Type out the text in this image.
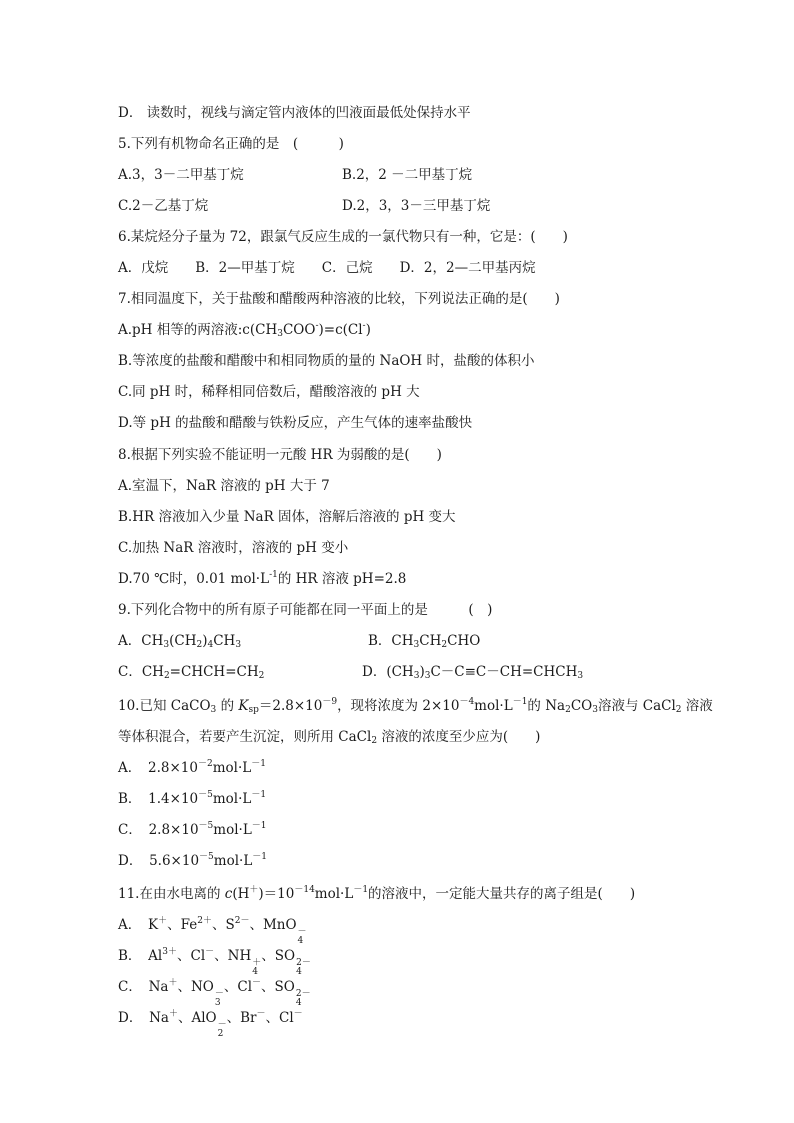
D． 读数时，视线与滴定管内液体的凹液面最低处保持水平
5.下列有机物命名正确的是　(　　　)
A.3，3－二甲基丁烷	B.2，2 －二甲基丁烷
C.2－乙基丁烷	D.2，3，3－三甲基丁烷
6.某烷烃分子量为 72，跟氯气反应生成的一氯代物只有一种，它是：(　　)
A．戊烷　　B．2—甲基丁烷　　C．己烷　　D．2，2—二甲基丙烷
7.相同温度下，关于盐酸和醋酸两种溶液的比较，下列说法正确的是(　　)
A.pH 相等的两溶液$:c(CH_3COO^-)=c(Cl^-)$
B.等浓度的盐酸和醋酸中和相同物质的量的 NaOH 时，盐酸的体积小
C.同 pH 时，稀释相同倍数后，醋酸溶液的 pH 大
D.等 pH 的盐酸和醋酸与铁粉反应，产生气体的速率盐酸快
8.根据下列实验不能证明一元酸 HR 为弱酸的是(　　)
A.室温下，NaR 溶液的 pH 大于 7
B.HR 溶液加入少量 NaR 固体，溶解后溶液的 pH 变大
C.加热 NaR 溶液时，溶液的 pH 变小
D.70 ℃时，0.01 $mol\cdot L^{-1}$的 HR 溶液 pH=2.8
9.下列化合物中的所有原子可能都在同一平面上的是　　　(　)
A．$CH_3(CH_2)_4CH_3$	B．$CH_3CH_2CHO$
C．$CH_2=CHCH=CH_2$	D．$(CH_3)_3C-C\equiv C-CH=CHCH_3$
10.已知 CaCO$_3$ 的 $K_{sp}=2.8\times 10^{-9}$，现将浓度为 $2\times 10^{-4}mol\cdot L^{-1}$的 $Na_2CO_3$溶液与 CaCl$_2$ 溶液
等体积混合，若要产生沉淀，则所用 CaCl$_2$ 溶液的浓度至少应为(　　)
A．　$2.8\times 10^{-2}mol\cdot L^{-1}$
B．　$1.4\times 10^{-5}mol\cdot L^{-1}$
C．　$2.8\times 10^{-5}mol\cdot L^{-1}$
D．　$5.6\times 10^{-5}mol\cdot L^{-1}$
11.在由水电离的 $c(H^+)=10^{-14}mol\cdot L^{-1}$的溶液中，一定能大量共存的离子组是(　　)
A．　K＋、$Fe^{2+}$、$S^{2-}$、MnO －
4
B．　$Al^{3+}$、Cl－、NH ＋
4
、SO 2－
4
C．　Na＋、NO －
3
、Cl－、SO 2－
4
D．　Na＋、AlO －
2
、Br－、Cl－
